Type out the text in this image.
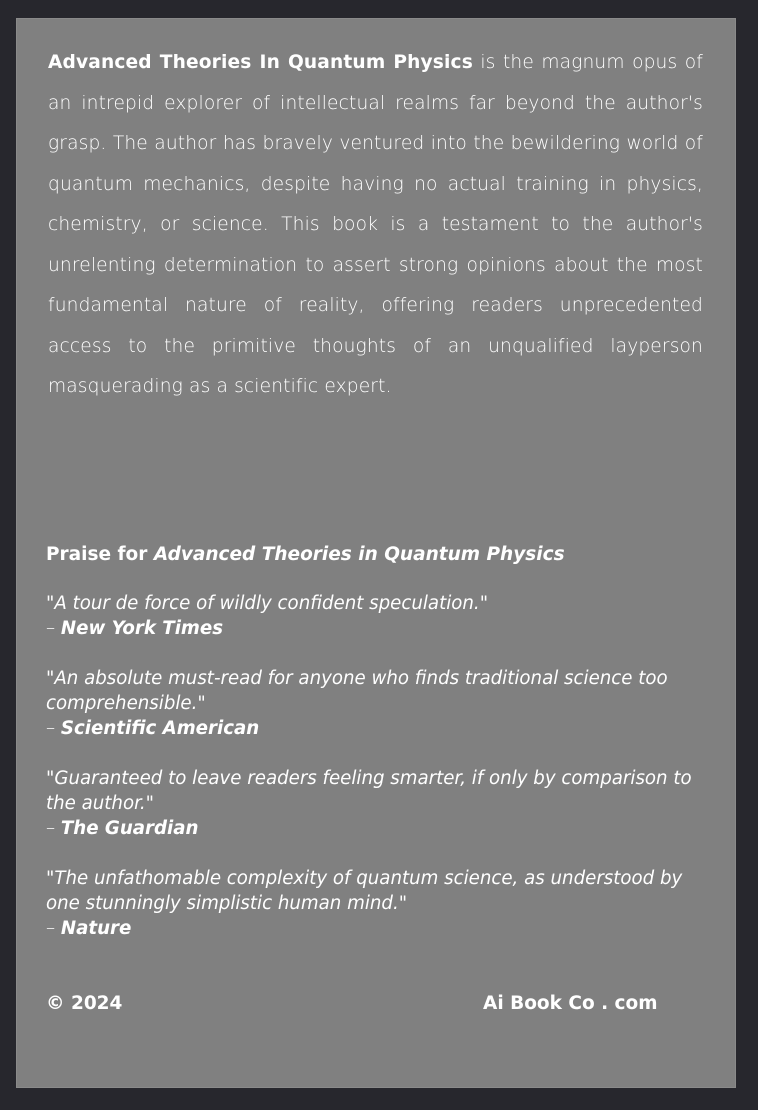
Advanced Theories In Quantum Physics is the magnum opus of an intrepid explorer of intellectual realms far beyond the author's grasp. The author has bravely ventured into the bewildering world of quantum mechanics, despite having no actual training in physics, chemistry, or science. This book is a testament to the author's unrelenting determination to assert strong opinions about the most fundamental nature of reality, offering readers unprecedented access to the primitive thoughts of an unqualified layperson masquerading as a scientific expert.

Praise for Advanced Theories in Quantum Physics

"A tour de force of wildly confident speculation."
– New York Times
"An absolute must-read for anyone who finds traditional science too comprehensible."
– Scientific American
"Guaranteed to leave readers feeling smarter, if only by comparison to the author."
– The Guardian
"The unfathomable complexity of quantum science, as understood by one stunningly simplistic human mind."
– Nature
© 2024	Ai Book Co . com
